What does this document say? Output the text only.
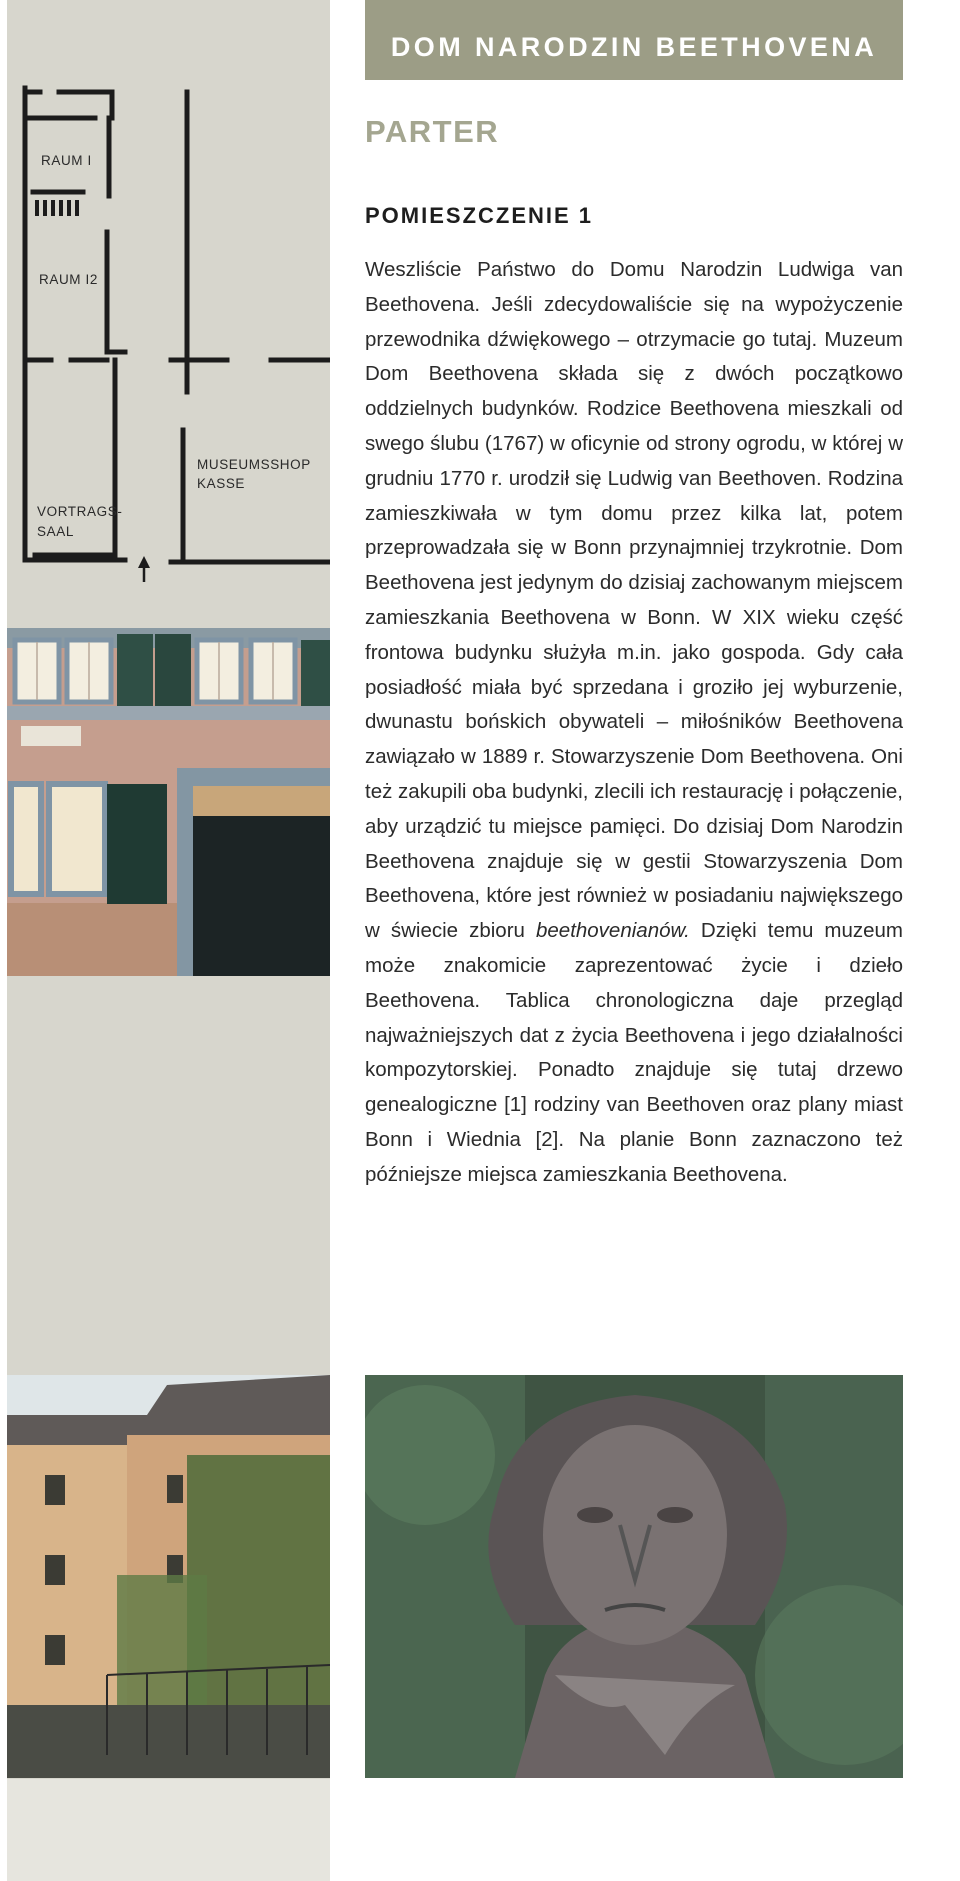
RAUM I

RAUM I2

MUSEUMSSHOP

KASSE

VORTRAGS-

SAAL

DOM NARODZIN BEETHOVENA
PARTER
POMIESZCZENIE 1

Weszliście Państwo do Domu Narodzin Ludwiga van Beethovena. Jeśli zdecydowaliście się na wypożyczenie przewodnika dźwiękowego – otrzymacie go tutaj. Muzeum Dom Beethovena składa się z dwóch początkowo oddzielnych budynków. Rodzice Beethovena mieszkali od swego ślubu (1767) w oficynie od strony ogrodu, w której w grudniu 1770 r. urodził się Ludwig van Beethoven. Rodzina zamieszkiwała w tym domu przez kilka lat, potem przeprowadzała się w Bonn przynajmniej trzykrotnie. Dom Beethovena jest jedynym do dzisiaj zachowanym miejscem zamieszkania Beethovena w Bonn. W XIX wieku część frontowa budynku służyła m.in. jako gospoda. Gdy cała posiadłość miała być sprzedana i groziło jej wyburzenie, dwunastu bońskich obywateli – miłośników Beethovena zawiązało w 1889 r. Stowarzyszenie Dom Beethovena. Oni też zakupili oba budynki, zlecili ich restaurację i połączenie, aby urządzić tu miejsce pamięci. Do dzisiaj Dom Narodzin Beethovena znajduje się w gestii Stowarzyszenia Dom Beethovena, które jest również w posiadaniu największego w świecie zbioru beethovenianów. Dzięki temu muzeum może znakomicie zaprezentować życie i dzieło Beethovena. Tablica chronologiczna daje przegląd najważniejszych dat z życia Beethovena i jego działalności kompozytorskiej. Ponadto znajduje się tutaj drzewo genealogiczne [1] rodziny van Beethoven oraz plany miast Bonn i Wiednia [2]. Na planie Bonn zaznaczono też późniejsze miejsca zamieszkania Beethovena.
